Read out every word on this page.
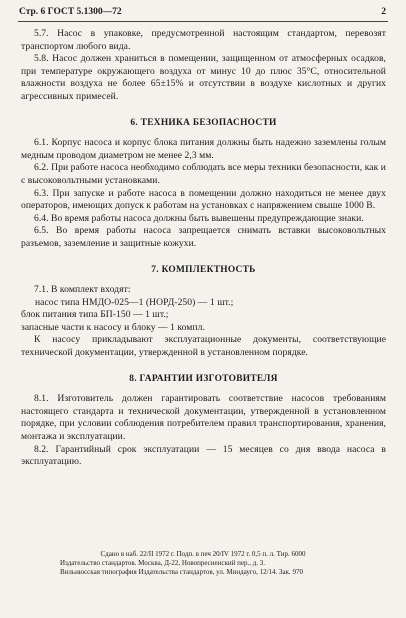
Стр. 6 ГОСТ 5.1300—72	2

5.7. Насос в упаковке, предусмотренной настоящим стандартом, перевозят транспортом любого вида.

5.8. Насос должен храниться в помещении, защищенном от атмосферных осадков, при температуре окружающего воздуха от минус 10 до плюс 35°С, относительной влажности воздуха не более 65±15% и отсутствии в воздухе кислотных и других агрессивных примесей.

6. ТЕХНИКА БЕЗОПАСНОСТИ

6.1. Корпус насоса и корпус блока питания должны быть надежно заземлены голым медным проводом диаметром не менее 2,3 мм.

6.2. При работе насоса необходимо соблюдать все меры техники безопасности, как и с высоковольтными установками.

6.3. При запуске и работе насоса в помещении должно находиться не менее двух операторов, имеющих допуск к работам на установках с напряжением свыше 1000 В.

6.4. Во время работы насоса должны быть вывешены предупреждающие знаки.

6.5. Во время работы насоса запрещается снимать вставки высоковольтных разъемов, заземление и защитные кожухи.

7. КОМПЛЕКТНОСТЬ

7.1. В комплект входят:

насос типа НМДО-025—1 (НОРД-250) — 1 шт.;

блок питания типа БП-150 — 1 шт.;

запасные части к насосу и блоку — 1 компл.

К насосу прикладывают эксплуатационные документы, соответствующие технической документации, утвержденной в установленном порядке.

8. ГАРАНТИИ ИЗГОТОВИТЕЛЯ

8.1. Изготовитель должен гарантировать соответствие насосов требованиям настоящего стандарта и технической документации, утвержденной в установленном порядке, при условии соблюдения потребителем правил транспортирования, хранения, монтажа и эксплуатации.

8.2. Гарантийный срок эксплуатации — 15 месяцев со дня ввода насоса в эксплуатацию.

Сдано в наб. 22/II 1972 г. Подп. в печ 20/IV 1972 г. 0,5 п. л. Тир. 6000
Издательство стандартов. Москва, Д-22, Новопресненский пер., д. 3.
Вильнюсская типография Издательства стандартов, ул. Миндауго, 12/14. Зак. 970
